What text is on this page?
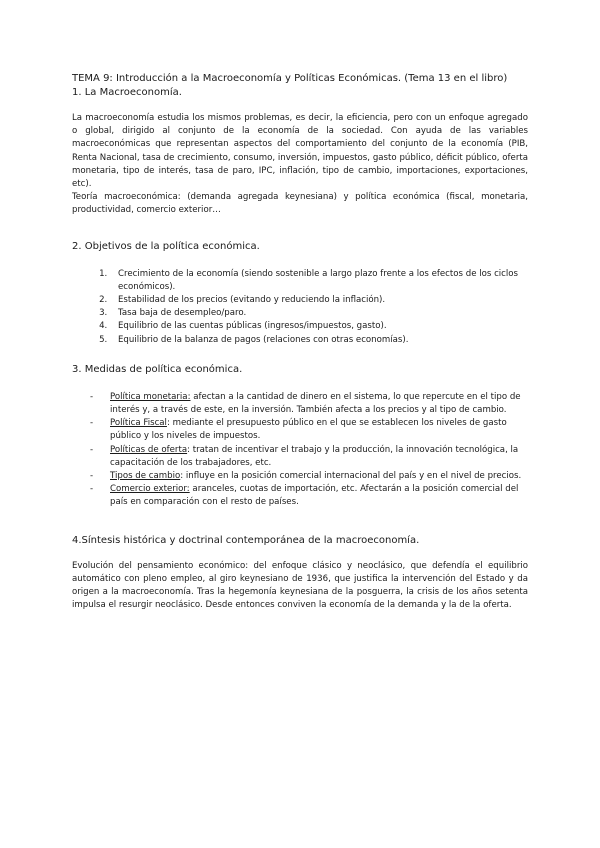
TEMA 9: Introducción a la Macroeconomía y Políticas Económicas. (Tema 13 en el libro)

1. La Macroeconomía.

La macroeconomía estudia los mismos problemas, es decir, la eficiencia, pero con un enfoque agregado o global, dirigido al conjunto de la economía de la sociedad. Con ayuda de las variables macroeconómicas que representan aspectos del comportamiento del conjunto de la economía (PIB, Renta Nacional, tasa de crecimiento, consumo, inversión, impuestos, gasto público, déficit público, oferta monetaria, tipo de interés, tasa de paro, IPC, inflación, tipo de cambio, importaciones, exportaciones, etc).

Teoría macroeconómica: (demanda agregada keynesiana) y política económica (fiscal, monetaria, productividad, comercio exterior…

2. Objetivos de la política económica.

1. Crecimiento de la economía (siendo sostenible a largo plazo frente a los efectos de los ciclos económicos).
2. Estabilidad de los precios (evitando y reduciendo la inflación).
3. Tasa baja de desempleo/paro.
4. Equilibrio de las cuentas públicas (ingresos/impuestos, gasto).
5. Equilibrio de la balanza de pagos (relaciones con otras economías).

3. Medidas de política económica.

- Política monetaria: afectan a la cantidad de dinero en el sistema, lo que repercute en el tipo de interés y, a través de este, en la inversión. También afecta a los precios y al tipo de cambio.
- Política Fiscal: mediante el presupuesto público en el que se establecen los niveles de gasto público y los niveles de impuestos.
- Políticas de oferta: tratan de incentivar el trabajo y la producción, la innovación tecnológica, la capacitación de los trabajadores, etc.
- Tipos de cambio: influye en la posición comercial internacional del país y en el nivel de precios.
- Comercio exterior: aranceles, cuotas de importación, etc. Afectarán a la posición comercial del país en comparación con el resto de países.

4.Síntesis histórica y doctrinal contemporánea de la macroeconomía.

Evolución del pensamiento económico: del enfoque clásico y neoclásico, que defendía el equilibrio automático con pleno empleo, al giro keynesiano de 1936, que justifica la intervención del Estado y da origen a la macroeconomía. Tras la hegemonía keynesiana de la posguerra, la crisis de los años setenta impulsa el resurgir neoclásico. Desde entonces conviven la economía de la demanda y la de la oferta.
